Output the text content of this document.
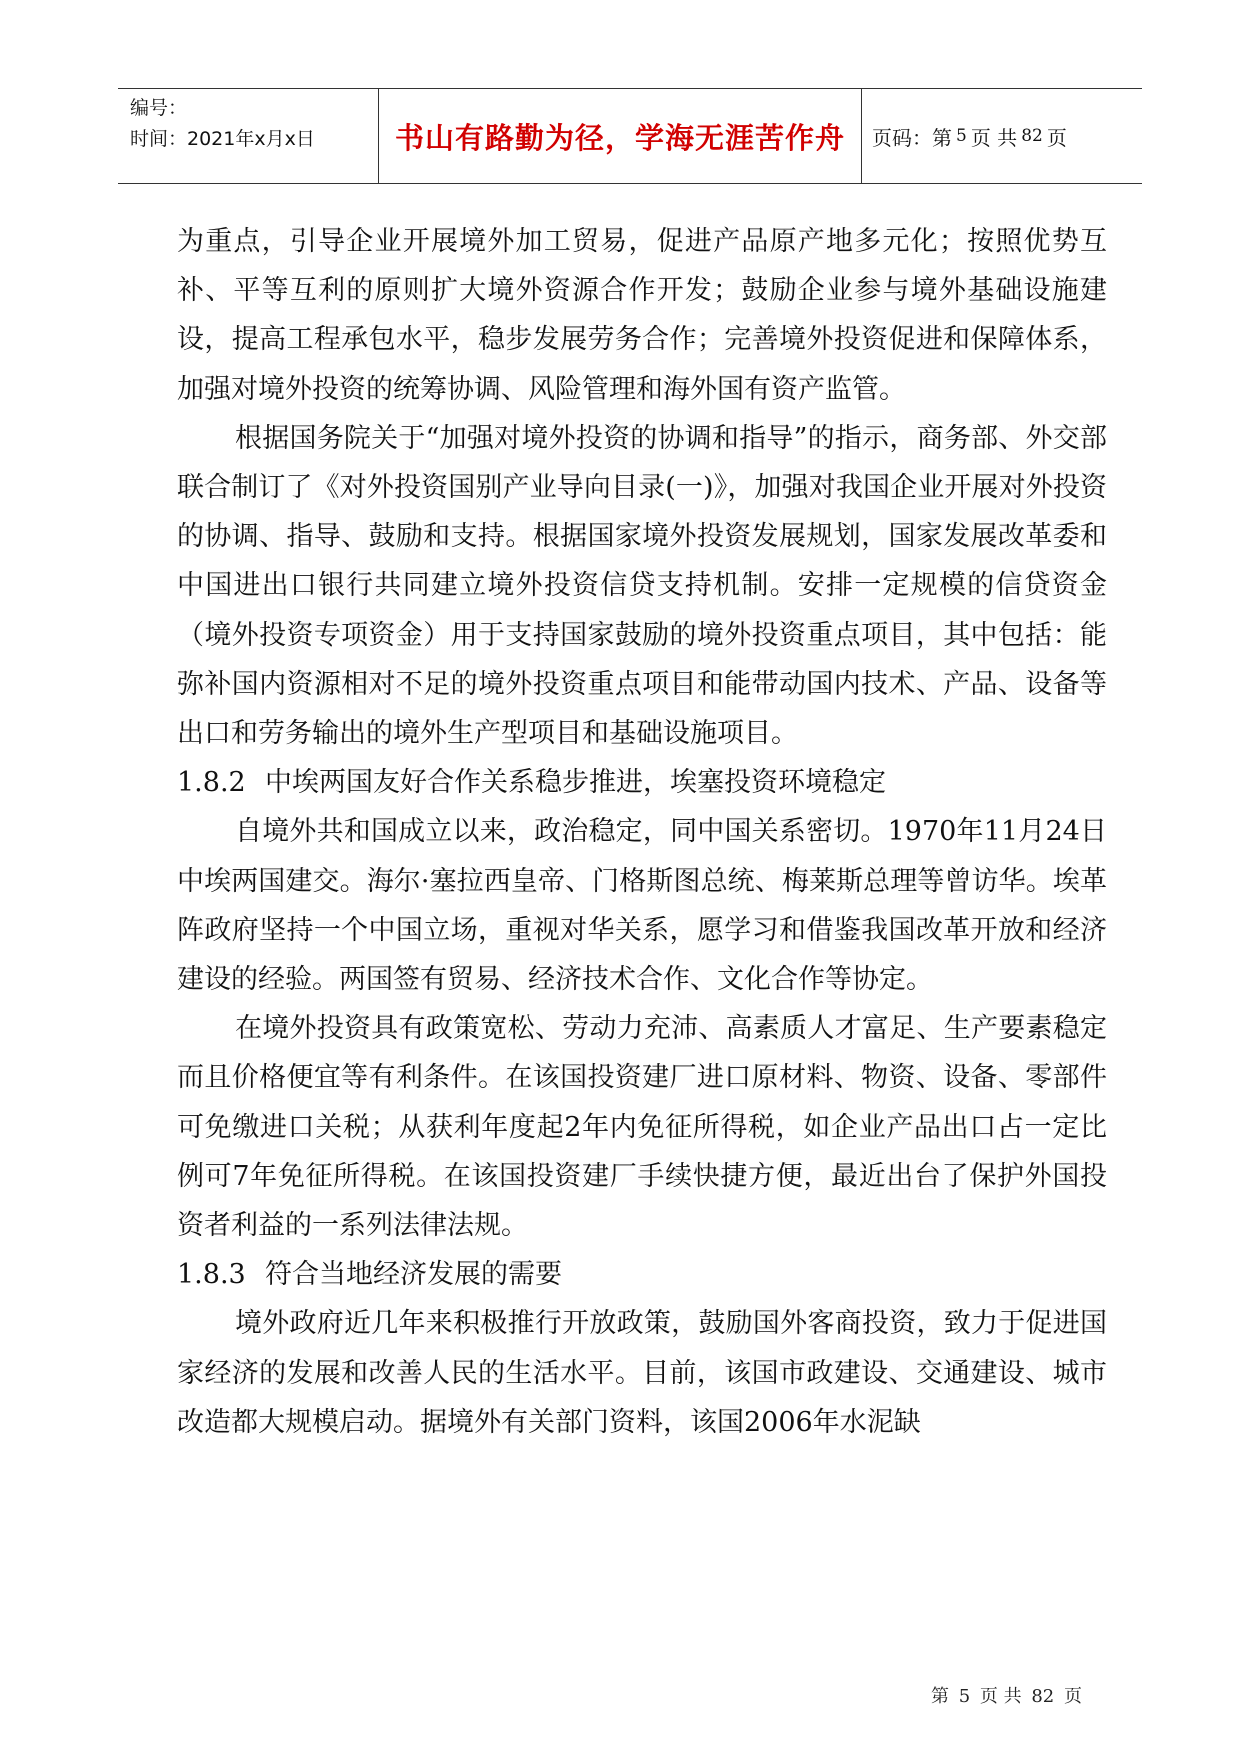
编号：
时间：2021年x月x日	书山有路勤为径，学海无涯苦作舟	页码：第 5 页 共 82 页

为重点，引导企业开展境外加工贸易，促进产品原产地多元化；按照优势互补、平等互利的原则扩大境外资源合作开发；鼓励企业参与境外基础设施建设，提高工程承包水平，稳步发展劳务合作；完善境外投资促进和保障体系，加强对境外投资的统筹协调、风险管理和海外国有资产监管。

根据国务院关于“加强对境外投资的协调和指导”的指示，商务部、外交部联合制订了《对外投资国别产业导向目录(一)》，加强对我国企业开展对外投资的协调、指导、鼓励和支持。根据国家境外投资发展规划，国家发展改革委和中国进出口银行共同建立境外投资信贷支持机制。安排一定规模的信贷资金（境外投资专项资金）用于支持国家鼓励的境外投资重点项目，其中包括：能弥补国内资源相对不足的境外投资重点项目和能带动国内技术、产品、设备等出口和劳务输出的境外生产型项目和基础设施项目。

1.8.2 中埃两国友好合作关系稳步推进，埃塞投资环境稳定

自境外共和国成立以来，政治稳定，同中国关系密切。1970年11月24日中埃两国建交。海尔·塞拉西皇帝、门格斯图总统、梅莱斯总理等曾访华。埃革阵政府坚持一个中国立场，重视对华关系，愿学习和借鉴我国改革开放和经济建设的经验。两国签有贸易、经济技术合作、文化合作等协定。

在境外投资具有政策宽松、劳动力充沛、高素质人才富足、生产要素稳定而且价格便宜等有利条件。在该国投资建厂进口原材料、物资、设备、零部件可免缴进口关税；从获利年度起2年内免征所得税，如企业产品出口占一定比例可7年免征所得税。在该国投资建厂手续快捷方便，最近出台了保护外国投资者利益的一系列法律法规。

1.8.3 符合当地经济发展的需要

境外政府近几年来积极推行开放政策，鼓励国外客商投资，致力于促进国家经济的发展和改善人民的生活水平。目前，该国市政建设、交通建设、城市改造都大规模启动。据境外有关部门资料，该国2006年水泥缺

第 5 页 共 82 页
